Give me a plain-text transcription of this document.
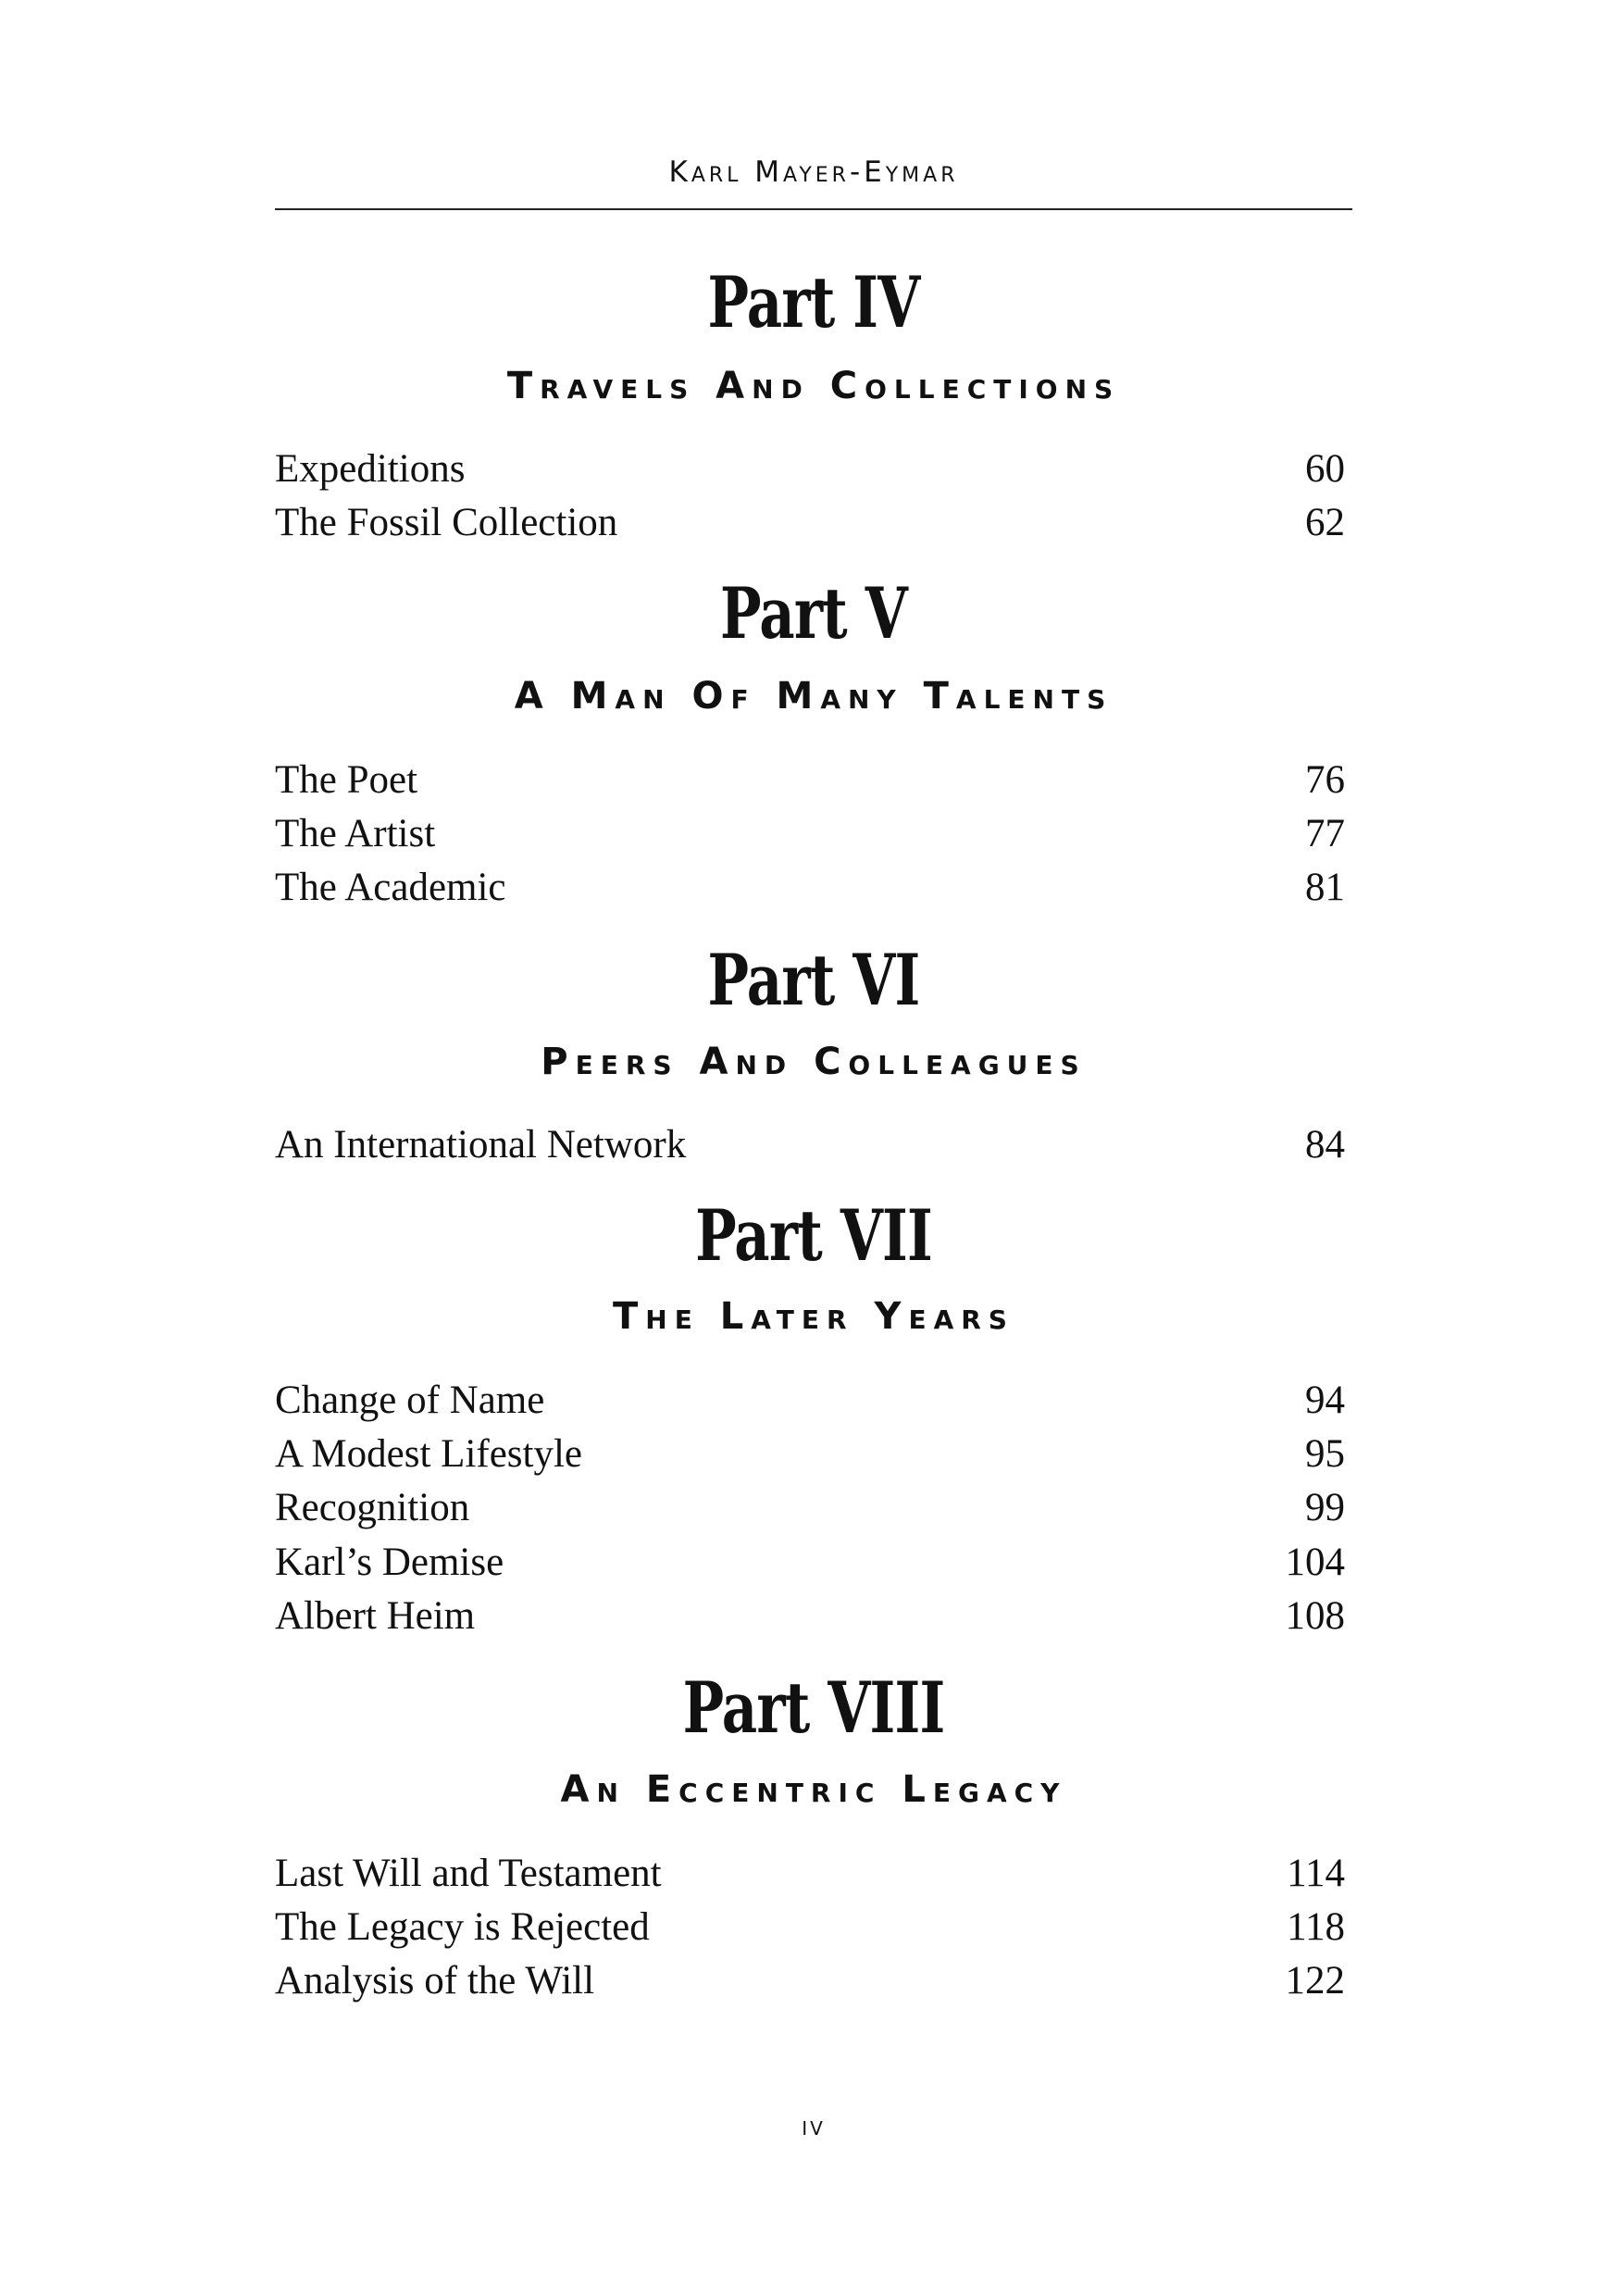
Karl Mayer-Eymar
Part IV
Travels And Collections
Expeditions	60
The Fossil Collection	62
Part V
A Man Of Many Talents
The Poet	76
The Artist	77
The Academic	81
Part VI
Peers And Colleagues
An International Network	84
Part VII
The Later Years
Change of Name	94
A Modest Lifestyle	95
Recognition	99
Karl’s Demise	104
Albert Heim	108
Part VIII
An Eccentric Legacy
Last Will and Testament	114
The Legacy is Rejected	118
Analysis of the Will	122
iv
